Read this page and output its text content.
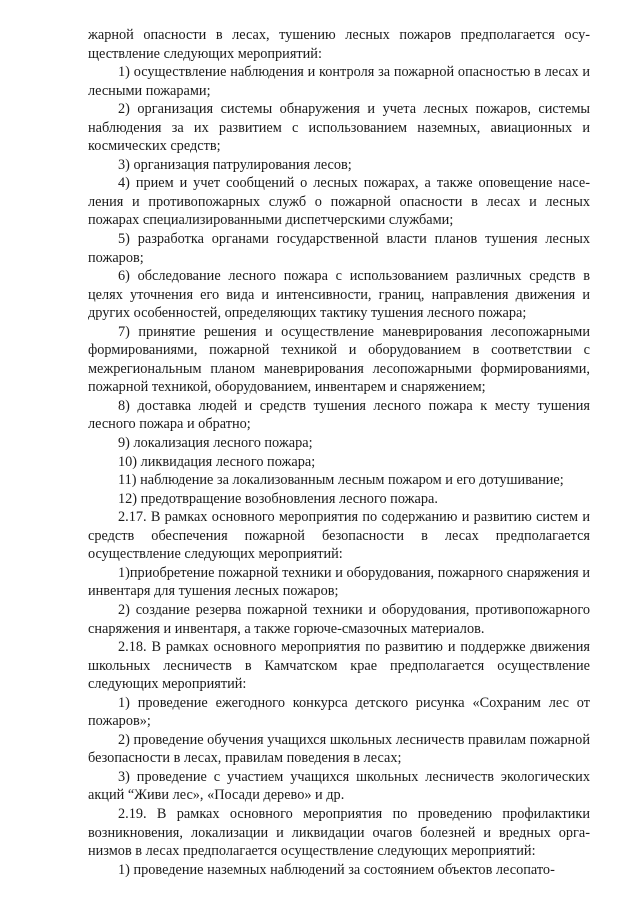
жарной опасности в лесах, тушению лесных пожаров предполагается осуществление следующих мероприятий:

1) осуществление наблюдения и контроля за пожарной опасностью в лесах и лесными пожарами;

2) организация системы обнаружения и учета лесных пожаров, системы наблюдения за их развитием с использованием наземных, авиационных и космических средств;

3) организация патрулирования лесов;

4) прием и учет сообщений о лесных пожарах, а также оповещение населения и противопожарных служб о пожарной опасности в лесах и лесных пожарах специализированными диспетчерскими службами;

5) разработка органами государственной власти планов тушения лесных пожаров;

6) обследование лесного пожара с использованием различных средств в целях уточнения его вида и интенсивности, границ, направления движения и других особенностей, определяющих тактику тушения лесного пожара;

7) принятие решения и осуществление маневрирования лесопожарными формированиями, пожарной техникой и оборудованием в соответствии с межрегиональным планом маневрирования лесопожарными формированиями, пожарной техникой, оборудованием, инвентарем и снаряжением;

8) доставка людей и средств тушения лесного пожара к месту тушения лесного пожара и обратно;

9) локализация лесного пожара;

10) ликвидация лесного пожара;

11) наблюдение за локализованным лесным пожаром и его дотушивание;

12) предотвращение возобновления лесного пожара.

2.17. В рамках основного мероприятия по содержанию и развитию систем и средств обеспечения пожарной безопасности в лесах предполагается осуществление следующих мероприятий:

1)приобретение пожарной техники и оборудования, пожарного снаряжения и инвентаря для тушения лесных пожаров;

2) создание резерва пожарной техники и оборудования, противопожарного снаряжения и инвентаря, а также горюче-смазочных материалов.

2.18. В рамках основного мероприятия по развитию и поддержке движения школьных лесничеств в Камчатском крае предполагается осуществление следующих мероприятий:

1) проведение ежегодного конкурса детского рисунка «Сохраним лес от пожаров»;

2) проведение обучения учащихся школьных лесничеств правилам пожарной безопасности в лесах, правилам поведения в лесах;

3) проведение с участием учащихся школьных лесничеств экологических акций “Живи лес», «Посади дерево» и др.

2.19. В рамках основного мероприятия по проведению профилактики возникновения, локализации и ликвидации очагов болезней и вредных организмов в лесах предполагается осуществление следующих мероприятий:

1) проведение наземных наблюдений за состоянием объектов лесопато-
